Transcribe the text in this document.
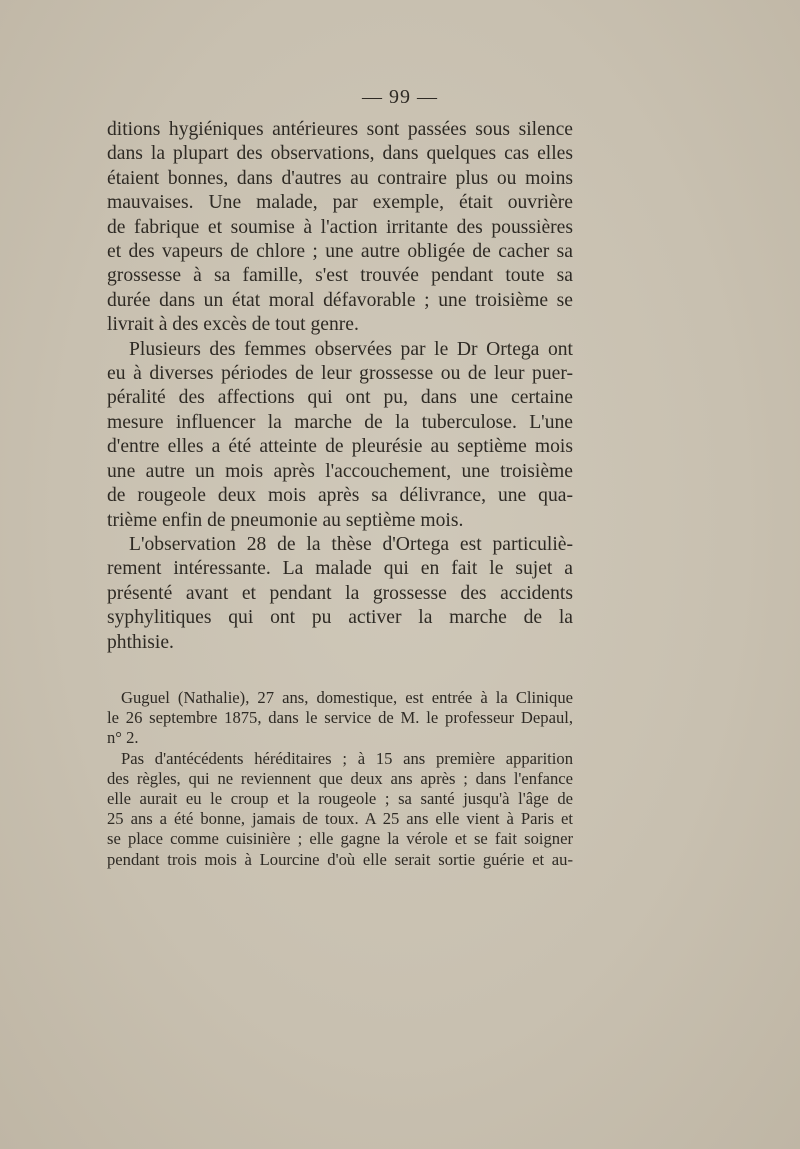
— 99 —

ditions hygiéniques antérieures sont passées sous silence
dans la plupart des observations, dans quelques cas elles
étaient bonnes, dans d'autres au contraire plus ou moins
mauvaises. Une malade, par exemple, était ouvrière
de fabrique et soumise à l'action irritante des poussières
et des vapeurs de chlore ; une autre obligée de cacher sa
grossesse à sa famille, s'est trouvée pendant toute sa
durée dans un état moral défavorable ; une troisième se
livrait à des excès de tout genre.

Plusieurs des femmes observées par le Dr Ortega ont
eu à diverses périodes de leur grossesse ou de leur puer-
péralité des affections qui ont pu, dans une certaine
mesure influencer la marche de la tuberculose. L'une
d'entre elles a été atteinte de pleurésie au septième mois
une autre un mois après l'accouchement, une troisième
de rougeole deux mois après sa délivrance, une qua-
trième enfin de pneumonie au septième mois.

L'observation 28 de la thèse d'Ortega est particuliè-
rement intéressante. La malade qui en fait le sujet a
présenté avant et pendant la grossesse des accidents
syphylitiques qui ont pu activer la marche de la
phthisie.

Guguel (Nathalie), 27 ans, domestique, est entrée à la Clinique
le 26 septembre 1875, dans le service de M. le professeur Depaul,
n° 2.

Pas d'antécédents héréditaires ; à 15 ans première apparition
des règles, qui ne reviennent que deux ans après ; dans l'enfance
elle aurait eu le croup et la rougeole ; sa santé jusqu'à l'âge de
25 ans a été bonne, jamais de toux. A 25 ans elle vient à Paris et
se place comme cuisinière ; elle gagne la vérole et se fait soigner
pendant trois mois à Lourcine d'où elle serait sortie guérie et au-
